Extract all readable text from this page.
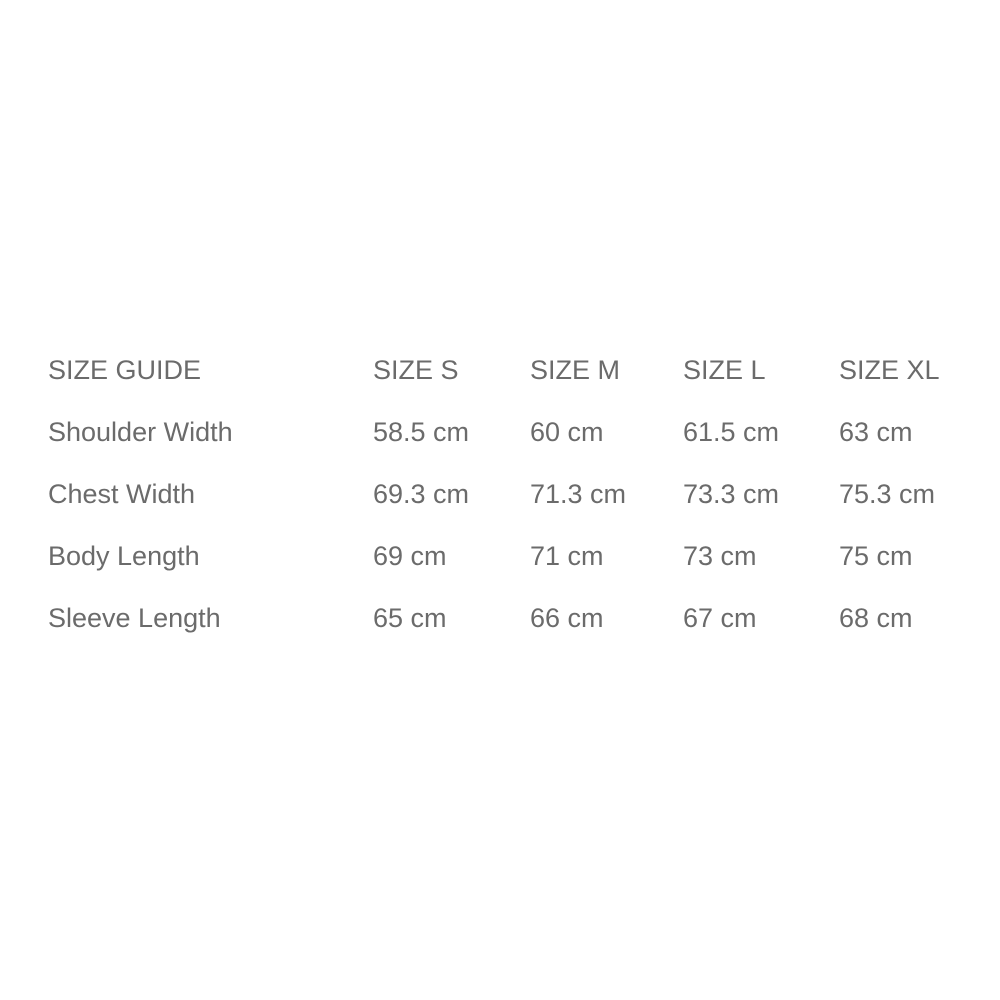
SIZE GUIDE	SIZE S	SIZE M	SIZE L	SIZE XL
Shoulder Width	58.5 cm	60 cm	61.5 cm	63 cm
Chest Width	69.3 cm	71.3 cm	73.3 cm	75.3 cm
Body Length	69 cm	71 cm	73 cm	75 cm
Sleeve Length	65 cm	66 cm	67 cm	68 cm
